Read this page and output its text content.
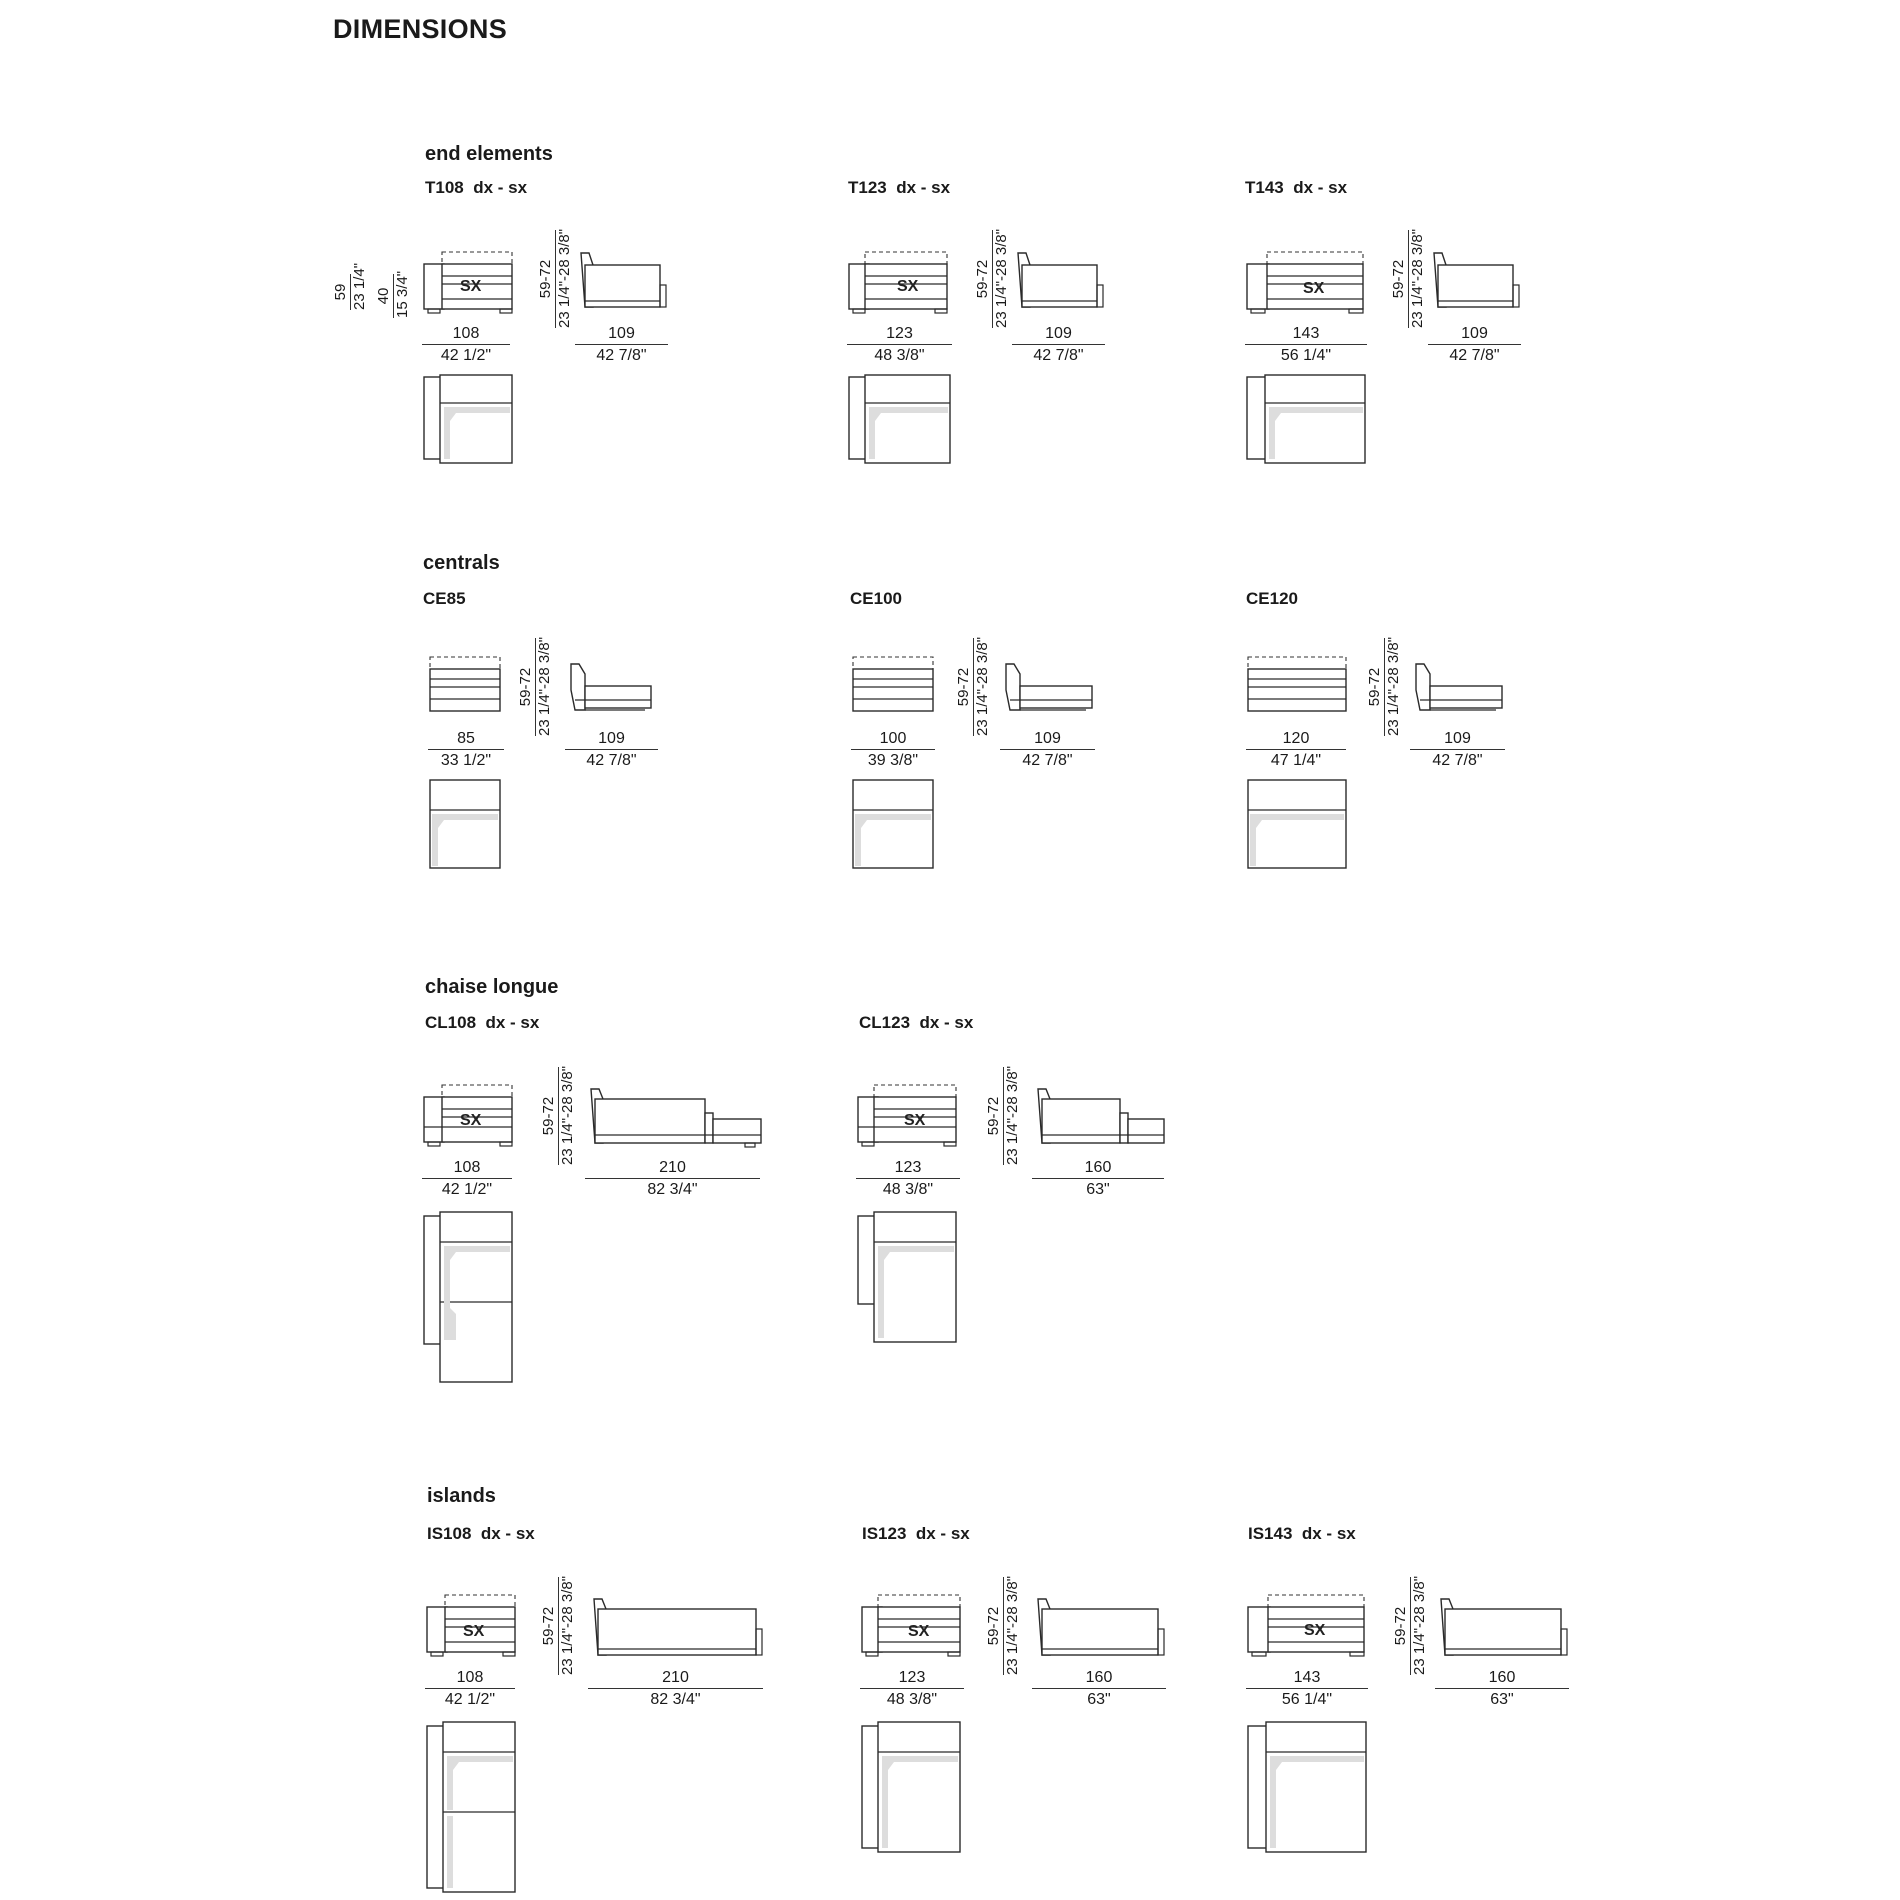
DIMENSIONS
end elements
59 23 1/4" 40 15 3/4"
T108  dx - sx
SX
108
42 1/2"
59-72 23 1/4"-28 3/8"
109
42 7/8"
T123  dx - sx
SX
123
48 3/8"
59-72 23 1/4"-28 3/8"
109
42 7/8"
T143  dx - sx
SX
143
56 1/4"
59-72 23 1/4"-28 3/8"
109
42 7/8"
centrals
CE85
85
33 1/2"
59-72 23 1/4"-28 3/8"
109
42 7/8"
CE100
100
39 3/8"
59-72 23 1/4"-28 3/8"
109
42 7/8"
CE120
120
47 1/4"
59-72 23 1/4"-28 3/8"
109
42 7/8"
chaise longue
CL108  dx - sx
SX
108
42 1/2"
59-72 23 1/4"-28 3/8"
210
82 3/4"
CL123  dx - sx
SX
123
48 3/8"
59-72 23 1/4"-28 3/8"
160
63"
islands
IS108  dx - sx
SX
108
42 1/2"
59-72 23 1/4"-28 3/8"
210
82 3/4"
IS123  dx - sx
SX
123
48 3/8"
59-72 23 1/4"-28 3/8"
160
63"
IS143  dx - sx
SX
143
56 1/4"
59-72 23 1/4"-28 3/8"
160
63"
